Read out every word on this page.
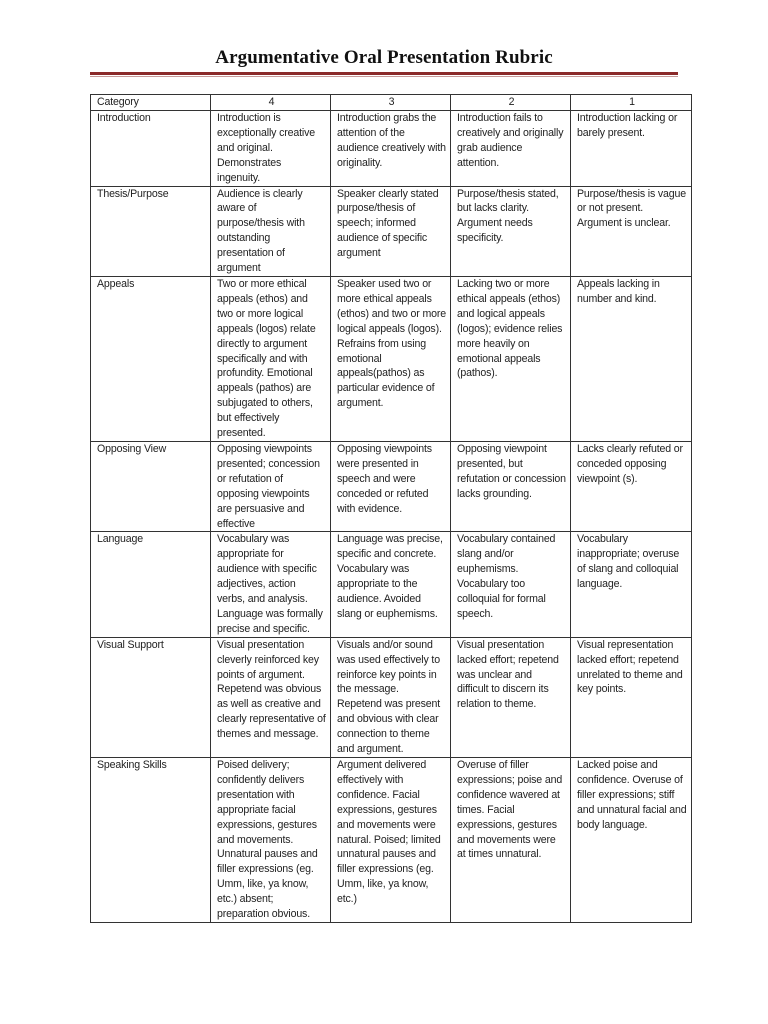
Argumentative Oral Presentation Rubric
Category	4	3	2	1
Introduction	Introduction is exceptionally creative and original. Demonstrates ingenuity.	Introduction grabs the attention of the audience creatively with originality.	Introduction fails to creatively and originally grab audience attention.	Introduction lacking or barely present.
Thesis/Purpose	Audience is clearly aware of purpose/thesis with outstanding presentation of argument	Speaker clearly stated purpose/thesis of speech; informed audience of specific argument	Purpose/thesis stated, but lacks clarity. Argument needs specificity.	Purpose/thesis is vague or not present. Argument is unclear.
Appeals	Two or more ethical appeals (ethos) and two or more logical appeals (logos) relate directly to argument specifically and with profundity. Emotional appeals (pathos) are subjugated to others, but effectively presented.	Speaker used two or more ethical appeals (ethos) and two or more logical appeals (logos). Refrains from using emotional appeals(pathos) as particular evidence of argument.	Lacking two or more ethical appeals (ethos) and logical appeals (logos); evidence relies more heavily on emotional appeals (pathos).	Appeals lacking in number and kind.
Opposing View	Opposing viewpoints presented; concession or refutation of opposing viewpoints are persuasive and effective	Opposing viewpoints were presented in speech and were conceded or refuted with evidence.	Opposing viewpoint presented, but refutation or concession lacks grounding.	Lacks clearly refuted or conceded opposing viewpoint (s).
Language	Vocabulary was appropriate for audience with specific adjectives, action verbs, and analysis. Language was formally precise and specific.	Language was precise, specific and concrete. Vocabulary was appropriate to the audience. Avoided slang or euphemisms.	Vocabulary contained slang and/or euphemisms. Vocabulary too colloquial for formal speech.	Vocabulary inappropriate; overuse of slang and colloquial language.
Visual Support	Visual presentation cleverly reinforced key points of argument. Repetend was obvious as well as creative and clearly representative of themes and message.	Visuals and/or sound was used effectively to reinforce key points in the message. Repetend was present and obvious with clear connection to theme and argument.	Visual presentation lacked effort; repetend was unclear and difficult to discern its relation to theme.	Visual representation lacked effort; repetend unrelated to theme and key points.
Speaking Skills	Poised delivery; confidently delivers presentation with appropriate facial expressions, gestures and movements. Unnatural pauses and filler expressions (eg. Umm, like, ya know, etc.) absent; preparation obvious.	Argument delivered effectively with confidence. Facial expressions, gestures and movements were natural. Poised; limited unnatural pauses and filler expressions (eg. Umm, like, ya know, etc.)	Overuse of filler expressions; poise and confidence wavered at times. Facial expressions, gestures and movements were at times unnatural.	Lacked poise and confidence. Overuse of filler expressions; stiff and unnatural facial and body language.
